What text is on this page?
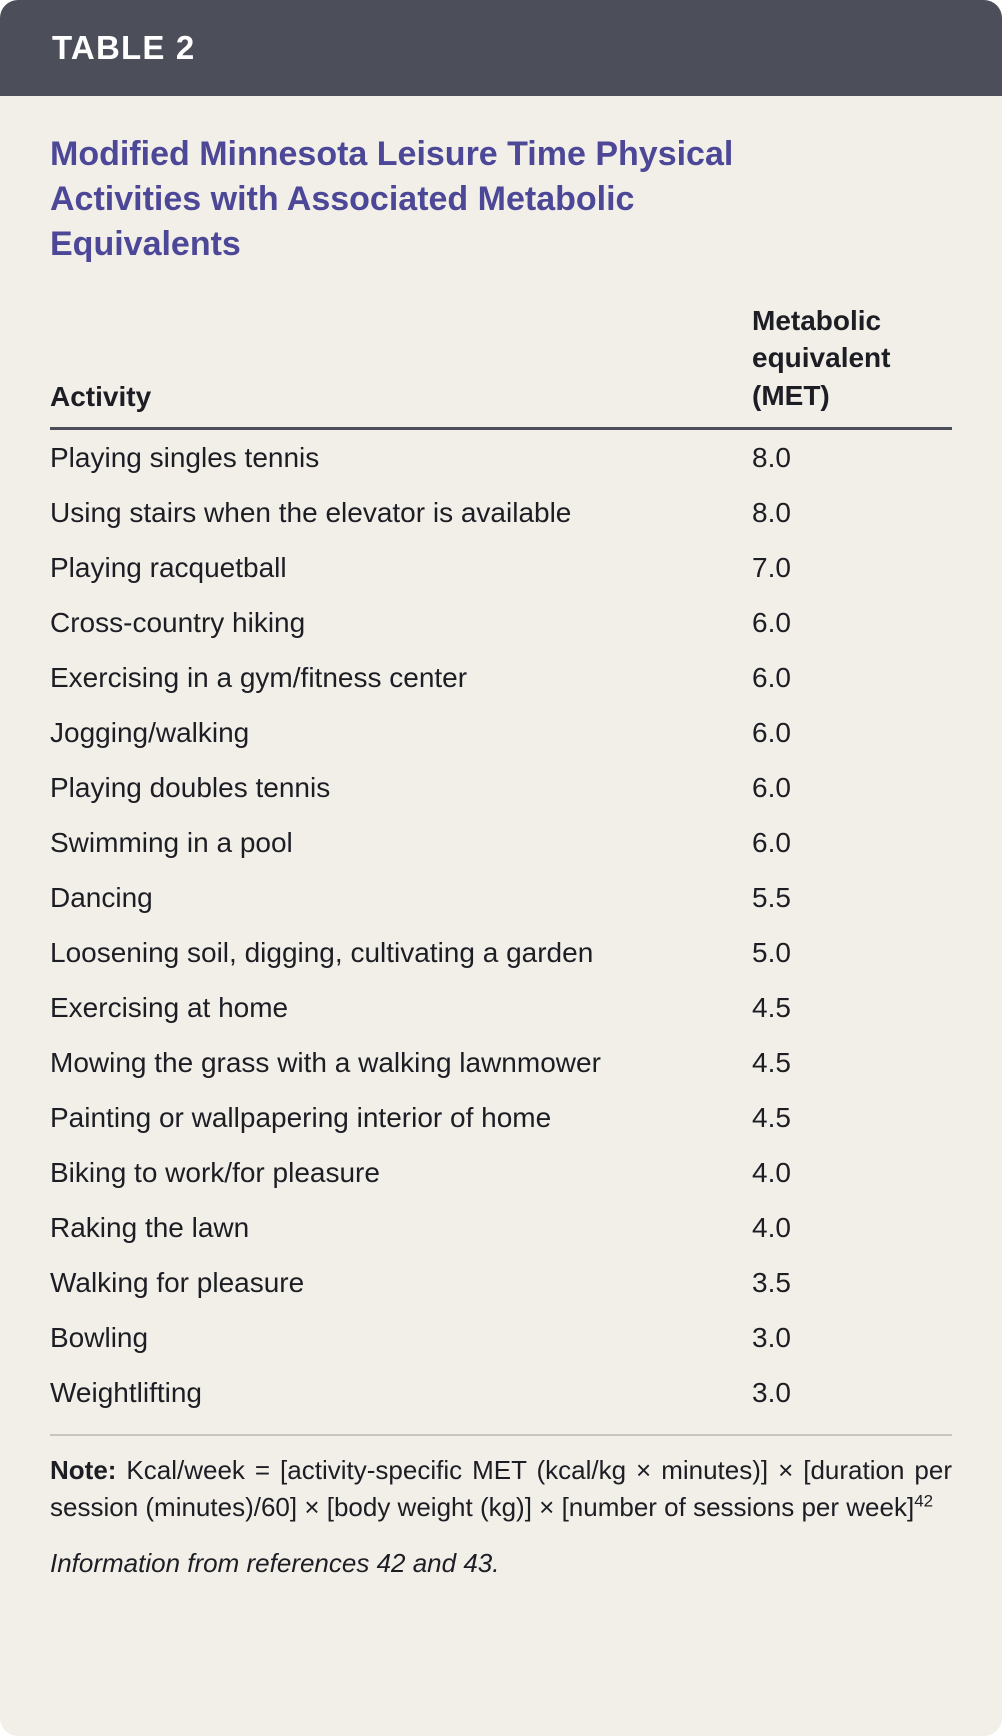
TABLE 2
Modified Minnesota Leisure Time Physical Activities with Associated Metabolic Equivalents
Activity
Metabolic equivalent (MET)
Playing singles tennis	8.0
Using stairs when the elevator is available	8.0
Playing racquetball	7.0
Cross-country hiking	6.0
Exercising in a gym/fitness center	6.0
Jogging/walking	6.0
Playing doubles tennis	6.0
Swimming in a pool	6.0
Dancing	5.5
Loosening soil, digging, cultivating a garden	5.0
Exercising at home	4.5
Mowing the grass with a walking lawnmower	4.5
Painting or wallpapering interior of home	4.5
Biking to work/for pleasure	4.0
Raking the lawn	4.0
Walking for pleasure	3.5
Bowling	3.0
Weightlifting	3.0
Note: Kcal/week = [activity-specific MET (kcal/kg × minutes)] × [duration per session (minutes)/60] × [body weight (kg)] × [number of sessions per week]$^{42}$
Information from references 42 and 43.
